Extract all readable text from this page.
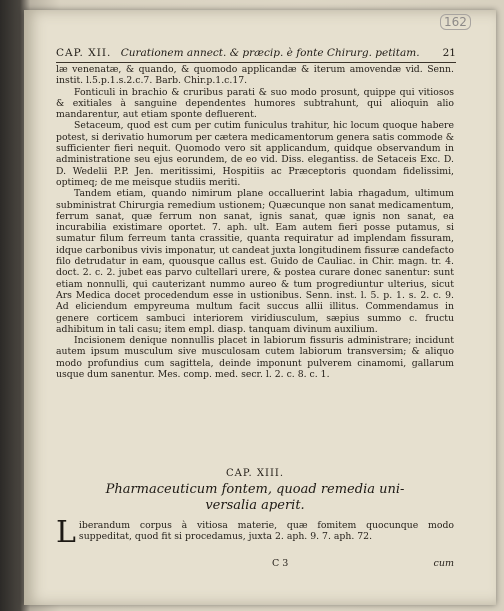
162
CAP. XII. Curationem annect. & præcip. è fonte Chirurg. petitam. 21

læ venenatæ, & quando, & quomodo applicandæ & iterum amovendæ vid. Senn. instit. l.5.p.1.s.2.c.7. Barb. Chir.p.1.c.17.

Fonticuli in brachio & cruribus parati & suo modo prosunt, quippe qui vitiosos & exitiales à sanguine dependentes humores subtrahunt, qui alioquin alio mandarentur, aut etiam sponte defluerent.

Setaceum, quod est cum per cutim funiculus trahitur, hic locum quoque habere potest, si derivatio humorum per cætera medicamentorum genera satis commode & sufficienter fieri nequit. Quomodo vero sit applicandum, quidque observandum in administratione seu ejus eorundem, de eo vid. Diss. elegantiss. de Setaceis Exc. D. D. Wedelii P.P. Jen. meritissimi, Hospitiis ac Præceptoris quondam fidelissimi, optimeq; de me meisque studiis meriti.

Tandem etiam, quando nimirum plane occalluerint labia rhagadum, ultimum subministrat Chirurgia remedium ustionem; Quæcunque non sanat medicamentum, ferrum sanat, quæ ferrum non sanat, ignis sanat, quæ ignis non sanat, ea incurabilia existimare oportet. 7. aph. ult. Eam autem fieri posse putamus, si sumatur filum ferreum tanta crassitie, quanta requiratur ad implendam fissuram, idque carbonibus vivis imponatur, ut candeat juxta longitudinem fissuræ candefacto filo detrudatur in eam, quousque callus est. Guido de Cauliac. in Chir. magn. tr. 4. doct. 2. c. 2. jubet eas parvo cultellari urere, & postea curare donec sanentur: sunt etiam nonnulli, qui cauterizant nummo aureo & tum progrediuntur ulterius, sicut Ars Medica docet procedendum esse in ustionibus. Senn. inst. l. 5. p. 1. s. 2. c. 9. Ad eliciendum empyreuma multum facit succus allii illitus. Commendamus in genere corticem sambuci interiorem viridiusculum, sæpius summo c. fructu adhibitum in tali casu; item empl. diasp. tanquam divinum auxilium.

Incisionem denique nonnullis placet in labiorum fissuris administrare; incidunt autem ipsum musculum sive musculosam cutem labiorum transversim; & aliquo modo profundius cum sagittela, deinde imponunt pulverem cinamomi, gallarum usque dum sanentur. Mes. comp. med. secr. l. 2. c. 8. c. 1.

CAP. XIII.
Pharmaceuticum fontem, quoad remedia uni-
versalia aperit.
L iberandum corpus à vitiosa materie, quæ fomitem quocunque modo suppeditat, quod fit si procedamus, juxta 2. aph. 9. 7. aph. 72.
C 3	cum
